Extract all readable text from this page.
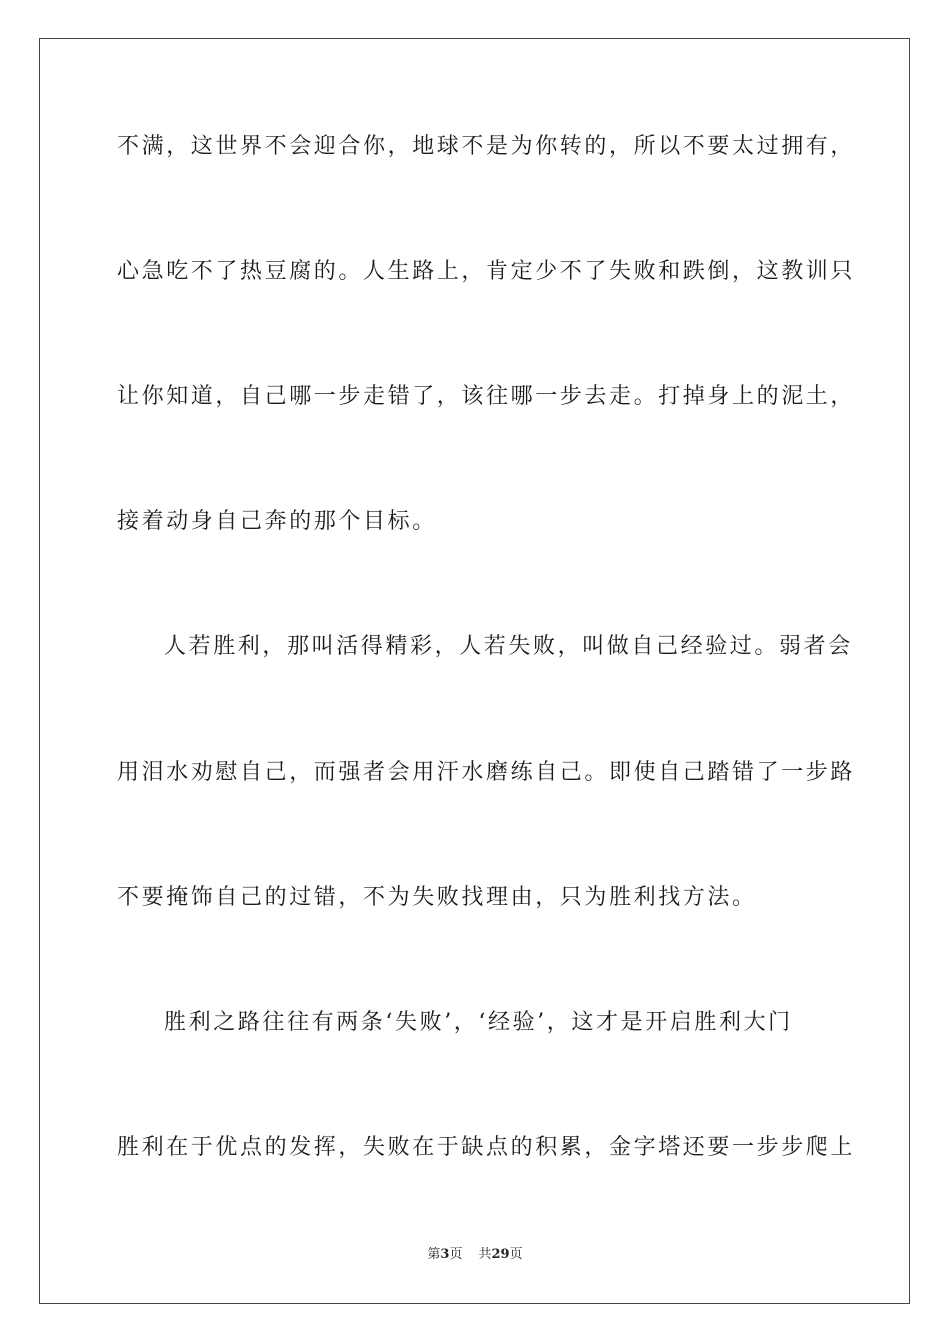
不满，这世界不会迎合你，地球不是为你转的，所以不要太过拥有，
心急吃不了热豆腐的。人生路上，肯定少不了失败和跌倒，这教训只
让你知道，自己哪一步走错了，该往哪一步去走。打掉身上的泥土，
接着动身自己奔的那个目标。
人若胜利，那叫活得精彩，人若失败，叫做自己经验过。弱者会
用泪水劝慰自己，而强者会用汗水磨练自己。即使自己踏错了一步路
不要掩饰自己的过错，不为失败找理由，只为胜利找方法。
胜利之路往往有两条‘失败’，‘经验’，这才是开启胜利大门
胜利在于优点的发挥，失败在于缺点的积累，金字塔还要一步步爬上
第3页 共29页
